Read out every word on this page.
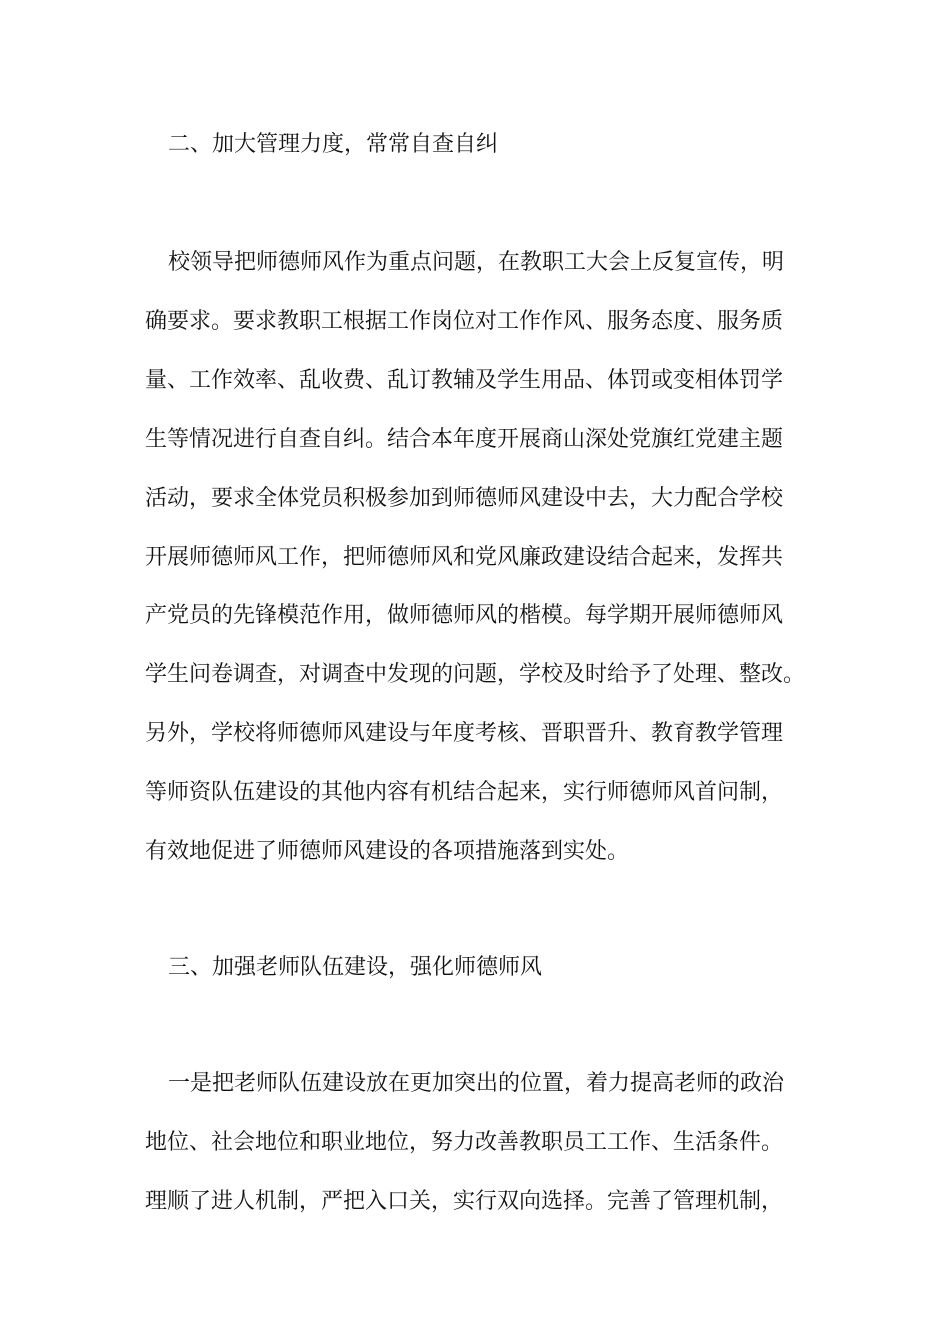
二、加大管理力度，常常自查自纠
校领导把师德师风作为重点问题，在教职工大会上反复宣传，明
确要求。要求教职工根据工作岗位对工作作风、服务态度、服务质
量、工作效率、乱收费、乱订教辅及学生用品、体罚或变相体罚学
生等情况进行自查自纠。结合本年度开展商山深处党旗红党建主题
活动，要求全体党员积极参加到师德师风建设中去，大力配合学校
开展师德师风工作，把师德师风和党风廉政建设结合起来，发挥共
产党员的先锋模范作用，做师德师风的楷模。每学期开展师德师风
学生问卷调查，对调查中发现的问题，学校及时给予了处理、整改。
另外，学校将师德师风建设与年度考核、晋职晋升、教育教学管理
等师资队伍建设的其他内容有机结合起来，实行师德师风首问制，
有效地促进了师德师风建设的各项措施落到实处。
三、加强老师队伍建设，强化师德师风
一是把老师队伍建设放在更加突出的位置，着力提高老师的政治
地位、社会地位和职业地位，努力改善教职员工工作、生活条件。
理顺了进人机制，严把入口关，实行双向选择。完善了管理机制，
